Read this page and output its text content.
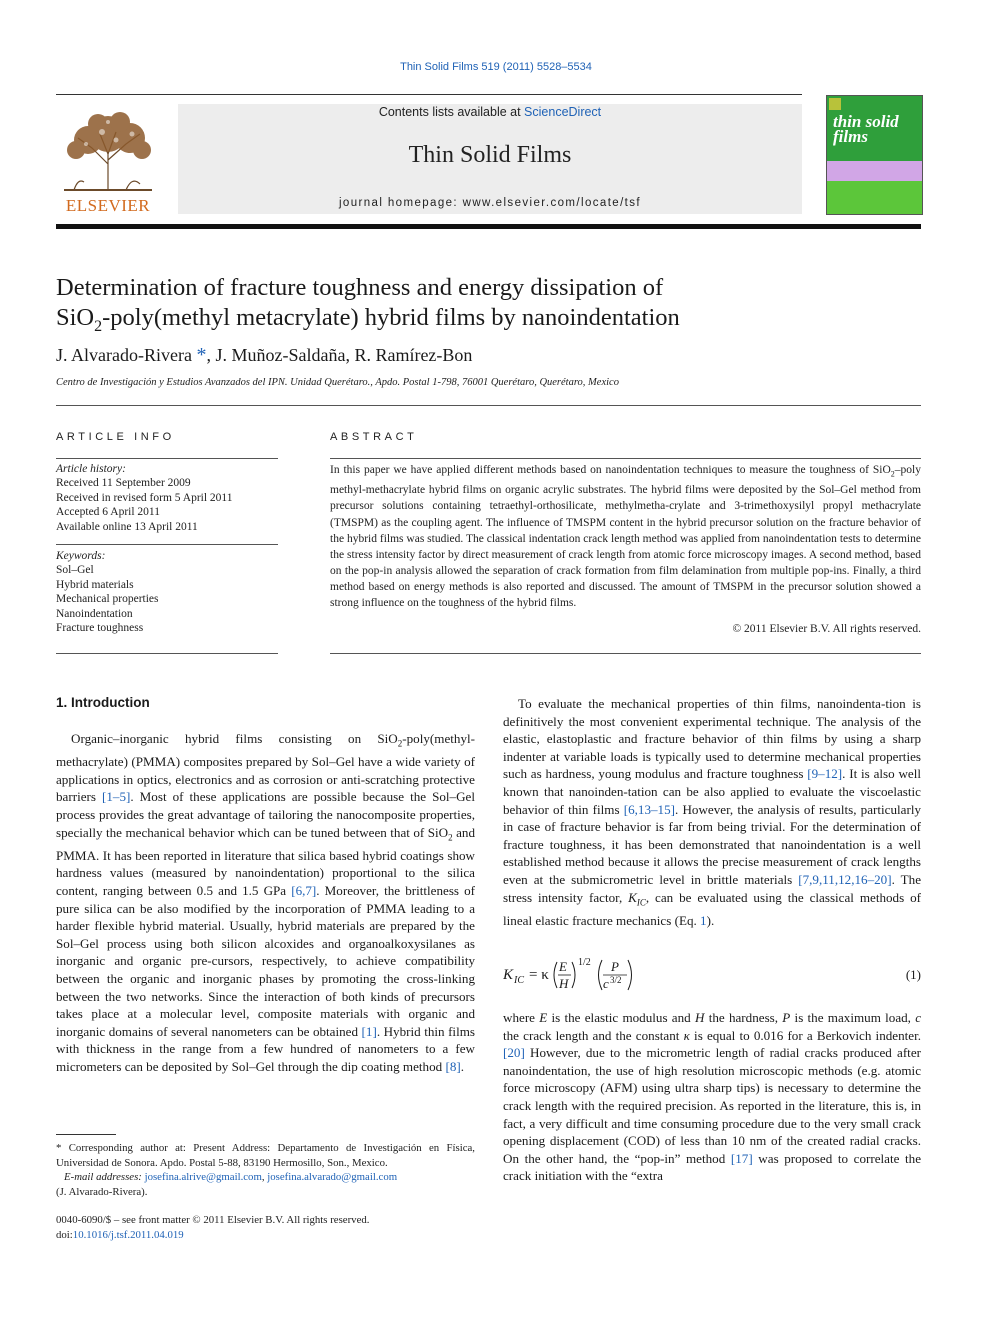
Thin Solid Films 519 (2011) 5528–5534
ELSEVIER
Contents lists available at ScienceDirect
Thin Solid Films
journal homepage: www.elsevier.com/locate/tsf
thin solid films
Determination of fracture toughness and energy dissipation of
SiO$_2$-poly(methyl metacrylate) hybrid films by nanoindentation
J. Alvarado-Rivera *, J. Muñoz-Saldaña, R. Ramírez-Bon
Centro de Investigación y Estudios Avanzados del IPN. Unidad Querétaro., Apdo. Postal 1-798, 76001 Querétaro, Querétaro, Mexico
ARTICLE INFO
Article history:
Received 11 September 2009
Received in revised form 5 April 2011
Accepted 6 April 2011
Available online 13 April 2011
Keywords:
Sol–Gel
Hybrid materials
Mechanical properties
Nanoindentation
Fracture toughness
ABSTRACT
In this paper we have applied different methods based on nanoindentation techniques to measure the toughness of SiO$_2$–poly methyl-methacrylate hybrid films on organic acrylic substrates. The hybrid films were deposited by the Sol–Gel method from precursor solutions containing tetraethyl-orthosilicate, methylmetha-crylate and 3-trimethoxysilyl propyl methacrylate (TMSPM) as the coupling agent. The influence of TMSPM content in the hybrid precursor solution on the fracture behavior of the hybrid films was studied. The classical indentation crack length method was applied from nanoindentation tests to determine the stress intensity factor by direct measurement of crack length from atomic force microscopy images. A second method, based on the pop-in analysis allowed the separation of crack formation from film delamination from multiple pop-ins. Finally, a third method based on energy methods is also reported and discussed. The amount of TMSPM in the precursor solution showed a strong influence on the toughness of the hybrid films.
© 2011 Elsevier B.V. All rights reserved.
1. Introduction

Organic–inorganic hybrid films consisting on SiO$_2$-poly(methyl-methacrylate) (PMMA) composites prepared by Sol–Gel have a wide variety of applications in optics, electronics and as corrosion or anti-scratching protective barriers [1–5]. Most of these applications are possible because the Sol–Gel process provides the great advantage of tailoring the nanocomposite properties, specially the mechanical behavior which can be tuned between that of SiO$_2$ and PMMA. It has been reported in literature that silica based hybrid coatings show hardness values (measured by nanoindentation) proportional to the silica content, ranging between 0.5 and 1.5 GPa [6,7]. Moreover, the brittleness of pure silica can be also modified by the incorporation of PMMA leading to a harder flexible hybrid material. Usually, hybrid materials are prepared by the Sol–Gel process using both silicon alcoxides and organoalkoxysilanes as inorganic and organic pre-cursors, respectively, to achieve compatibility between the organic and inorganic phases by promoting the cross-linking between the two networks. Since the interaction of both kinds of precursors takes place at a molecular level, composite materials with organic and inorganic domains of several nanometers can be obtained [1]. Hybrid thin films with thickness in the range from a few hundred of nanometers to a few micrometers can be deposited by Sol–Gel through the dip coating method [8].

* Corresponding author at: Present Address: Departamento de Investigación en Física, Universidad de Sonora. Apdo. Postal 5-88, 83190 Hermosillo, Son., Mexico.
E-mail addresses: josefina.alrive@gmail.com, josefina.alvarado@gmail.com
(J. Alvarado-Rivera).
0040-6090/$ – see front matter © 2011 Elsevier B.V. All rights reserved.
doi:10.1016/j.tsf.2011.04.019

To evaluate the mechanical properties of thin films, nanoindenta-tion is definitively the most convenient experimental technique. The analysis of the elastic, elastoplastic and fracture behavior of thin films by using a sharp indenter at variable loads is typically used to determine mechanical properties such as hardness, young modulus and fracture toughness [9–12]. It is also well known that nanoinden-tation can be also applied to evaluate the viscoelastic behavior of thin films [6,13–15]. However, the analysis of results, particularly in case of fracture behavior is far from being trivial. For the determination of fracture toughness, it has been demonstrated that nanoindentation is a well established method because it allows the precise measurement of crack lengths even at the submicrometric level in brittle materials [7,9,11,12,16–20]. The stress intensity factor, $K_{IC}$, can be evaluated using the classical methods of lineal elastic fracture mechanics (Eq. 1).

K IC = κ
E
H
1/2 P
c 3/2	(1)

where E is the elastic modulus and H the hardness, P is the maximum load, c the crack length and the constant κ is equal to 0.016 for a Berkovich indenter. [20] However, due to the micrometric length of radial cracks produced after nanoindentation, the use of high resolution microscopic methods (e.g. atomic force microscopy (AFM) using ultra sharp tips) is necessary to determine the crack length with the required precision. As reported in the literature, this is, in fact, a very difficult and time consuming procedure due to the very small crack opening displacement (COD) of less than 10 nm of the created radial cracks. On the other hand, the “pop-in” method [17] was proposed to correlate the crack initiation with the “extra
